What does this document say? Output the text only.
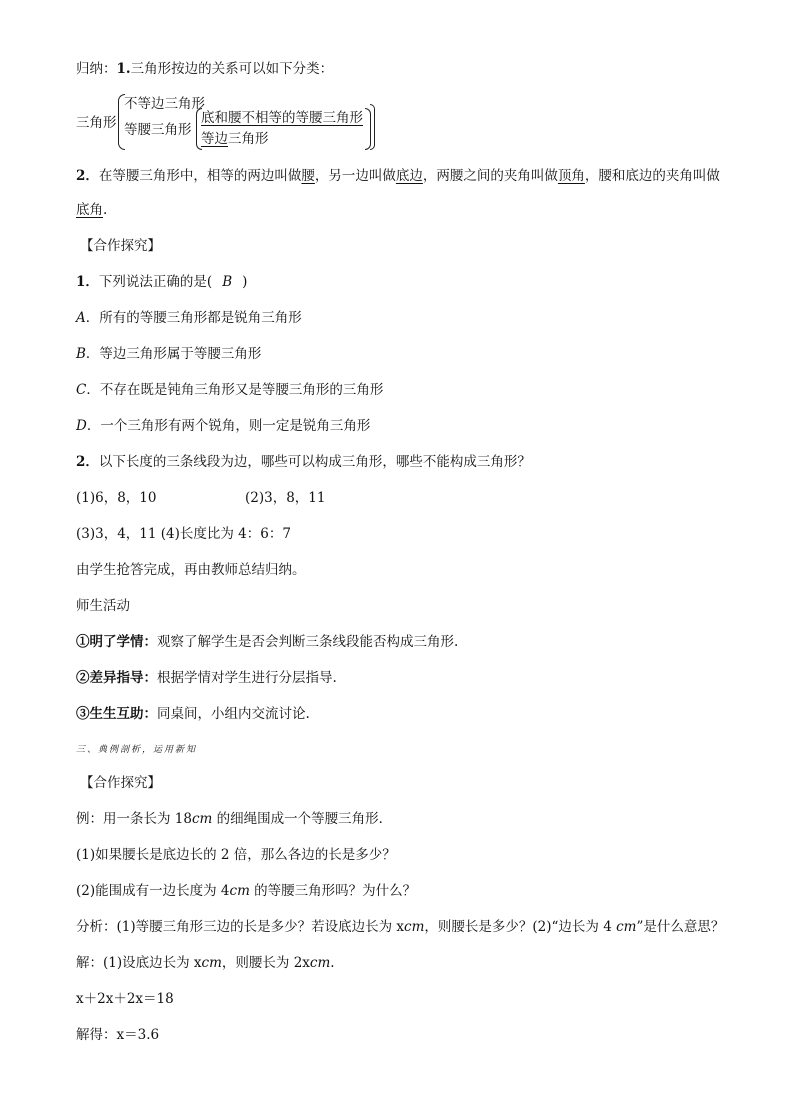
归纳：1.三角形按边的关系可以如下分类：
三角形
不等边三角形
等腰三角形
底和腰不相等的等腰三角形
等边三角形
2．在等腰三角形中，相等的两边叫做腰，另一边叫做底边，两腰之间的夹角叫做顶角，腰和底边的夹角叫做
底角.
【合作探究】
1．下列说法正确的是( B )
A．所有的等腰三角形都是锐角三角形
B．等边三角形属于等腰三角形
C．不存在既是钝角三角形又是等腰三角形的三角形
D．一个三角形有两个锐角，则一定是锐角三角形
2．以下长度的三条线段为边，哪些可以构成三角形，哪些不能构成三角形？
(1)6，8，10	(2)3，8，11
(3)3，4，11 (4)长度比为 4：6：7
由学生抢答完成，再由教师总结归纳。
师生活动
①明了学情：观察了解学生是否会判断三条线段能否构成三角形.
②差异指导：根据学情对学生进行分层指导.
③生生互助：同桌间，小组内交流讨论.
三、典例剖析，运用新知
【合作探究】
例：用一条长为 18cm 的细绳围成一个等腰三角形．
(1)如果腰长是底边长的 2 倍，那么各边的长是多少？
(2)能围成有一边长度为 4cm 的等腰三角形吗？为什么？
分析：(1)等腰三角形三边的长是多少？若设底边长为 xcm，则腰长是多少？(2)“边长为 4 cm”是什么意思？
解：(1)设底边长为 xcm，则腰长为 2xcm.
x＋2x＋2x＝18
解得：x＝3.6
